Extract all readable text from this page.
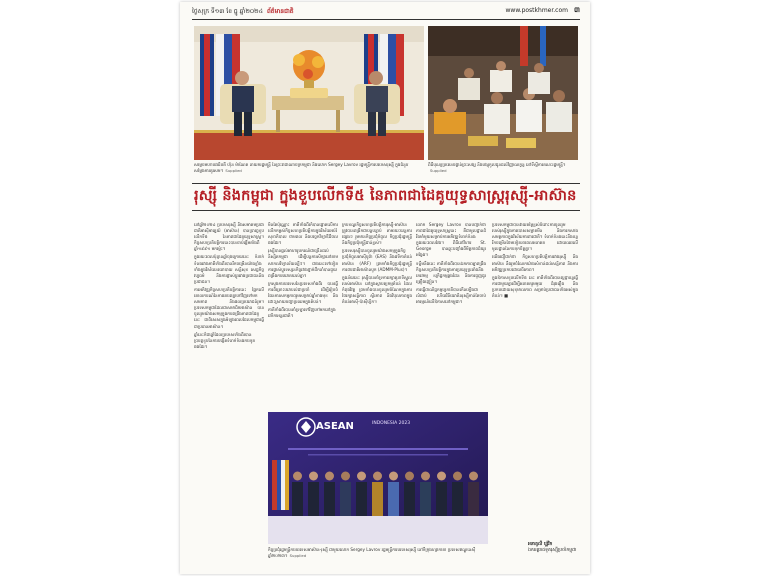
ថ្ងៃសុក្រ ទី១៣ ខែ ធ្នូ ឆ្នាំ២០២៤ ព័ត៌មានជាតិ	www.postkhmer.com ៣
សម្ដេចមហាបវរធិបតី ហ៊ុន ម៉ាណែត នាយករដ្ឋមន្ត្រី នៃព្រះរាជាណាចក្រកម្ពុជា និងលោក Sergey Lavrov រដ្ឋមន្ត្រីការបរទេសរុស្ស៊ី ក្នុងជំនួបសម្ដែងការគួរសម។ Supplied
ពិធីបុណ្យប្រគេនចង្ហាន់ព្រះសង្ឃ និងបង្សុកូលជូនដល់វិញ្ញាណក្ខន្ធ នៅទីស្ដីការគណៈរដ្ឋមន្ត្រី។Supplied
រុស្ស៊ី និងកម្ពុជា ក្នុងខួបលើកទី៥ នៃភាពជាដៃគូយុទ្ធសាស្ត្ររុស្ស៊ី-អាស៊ាន

នៅឆ្នាំ២០២៤ ប្រទេសរុស្ស៊ី និងសមាគមប្រជាជាតិអាស៊ីអាគ្នេយ៍ (អាស៊ាន) បានប្រារព្ធខួបលើកទី៥ នៃភាពជាដៃគូយុទ្ធសាស្ត្រ។ កិច្ចសហប្រតិបត្តិការនេះបានចាប់ផ្ដើមតាំងពីឆ្នាំ១៩៩១ មកម្ល៉េះ។

ក្នុងរយៈពេលប៉ុន្មានឆ្នាំចុងក្រោយនេះ ទំនាក់ទំនងរវាងភាគីទាំងពីរបានរីកចម្រើនយ៉ាងខ្លាំង ទាំងក្នុងវិស័យនយោបាយ សន្តិសុខ សេដ្ឋកិច្ច វប្បធម៌ និងការផ្លាស់ប្ដូររវាងប្រជាជននិងប្រជាជន។

ការអភិវឌ្ឍកិច្ចសហប្រតិបត្តិការនេះ ផ្អែកលើគោលការណ៍នៃការគោរពគ្នាទៅវិញទៅមក សមភាព និងផលប្រយោជន៍រួម។ ប្រទេសកម្ពុជាដែលជាសមាជិកអាស៊ាន បានចូលរួមយ៉ាងសកម្មក្នុងការពង្រឹងភាពជាដៃគូនេះ ជាពិសេសក្នុងអំឡុងពេលដែលកម្ពុជាធ្វើជាប្រធានអាស៊ាន។

ឆ្នាំនេះក៏ជាឆ្នាំដែលប្រទេសទាំងពីរបានប្រារព្ធខួបនៃការបង្កើតទំនាក់ទំនងការទូតផងដែរ។

មិនតែប៉ុណ្ណោះ ភាគីទាំងពីរក៏បានផ្ដោតលើការលើកកម្ពស់កិច្ចសហប្រតិបត្តិការក្នុងវិស័យអប់រំ សុខាភិបាល ថាមពល និងបច្ចេកវិទ្យាឌីជីថលផងដែរ។

រុស្ស៊ីបានផ្ដល់អាហារូបករណ៍ជាច្រើនដល់និស្សិតកម្ពុជា ដើម្បីបន្តការសិក្សានៅតាមសាកលវិទ្យាល័យល្បីៗ។ ជាងនេះទៅទៀត ការផ្លាស់ប្ដូរទស្សនកិច្ចរវាងថ្នាក់ដឹកនាំបានជួយពង្រឹងការយោគយល់គ្នា។

ក្រសួងការបរទេសនៃប្រទេសទាំងពីរ បានធ្វើការពិគ្រោះយោបល់ជាប្រចាំ ដើម្បីរៀបចំផែនការសកម្មភាពរួមសម្រាប់ឆ្នាំខាងមុខ និងដោះស្រាយបញ្ហាប្រឈមក្នុងតំបន់។

ភាគីទាំងពីរបានគាំទ្រគ្នាទៅវិញទៅមកនៅក្នុងវេទិកាអន្តរជាតិ។

ក្របខណ្ឌកិច្ចសហប្រតិបត្តិការរុស្ស៊ី-អាស៊ាន ត្រូវបានពង្រីកជាបន្តបន្ទាប់ តាមរយៈយន្តការផ្សេងៗ រួមមានកិច្ចប្រជុំកំពូល កិច្ចប្រជុំរដ្ឋមន្ត្រី និងកិច្ចប្រជុំមន្ត្រីជាន់ខ្ពស់។

ប្រទេសរុស្ស៊ីបានចូលរួមយ៉ាងសកម្មក្នុងកិច្ចប្រជុំកំពូលអាស៊ីបូព៌ា (EAS) និងវេទិកាតំបន់អាស៊ាន (ARF) ព្រមទាំងកិច្ចប្រជុំរដ្ឋមន្ត្រីការពារជាតិអាស៊ានបូក (ADMM-Plus)។

ក្នុងន័យនេះ រុស្ស៊ីបានគាំទ្រការរក្សាតួនាទីស្នូលរបស់អាស៊ាន នៅក្នុងស្ថាបត្យកម្មតំបន់ ដែលកំពុងវិវត្ត ព្រមទាំងបានចូលរួមចំណែកក្នុងការថែរក្សាសន្តិភាព ស្ថិរភាព និងវិបុលភាពក្នុងតំបន់អាស៊ី-ប៉ាស៊ីហ្វិក។

លោក Sergey Lavrov បានបញ្ជាក់ថា ភាពជាដៃគូយុទ្ធសាស្ត្រនេះ គឺជាមូលដ្ឋានដ៏រឹងមាំមួយសម្រាប់ការអភិវឌ្ឍទំនាក់ទំនងក្នុងរយៈពេលវែង។ ពិធីនៅវិហារ St. George បានឆ្លុះបញ្ចាំងពីមិត្តភាពដ៏យូរអង្វែង។

ទន្ទឹមនឹងនេះ ភាគីទាំងពីរបានឯកភាពគ្នាពង្រឹងកិច្ចសហប្រតិបត្តិការក្នុងការប្រយុទ្ធប្រឆាំងនឹងភេរវកម្ម ឧក្រិដ្ឋកម្មឆ្លងដែន និងការជួញដូរគ្រឿងញៀន។

ការធ្វើពាណិជ្ជកម្មទ្វេភាគីបានកើនឡើងជាលំដាប់ ហើយវិនិយោគិនរុស្ស៊ីកាន់តែចាប់អារម្មណ៍លើឱកាសនៅកម្ពុជា។

ប្រទេសកម្ពុជាបានវាយតម្លៃខ្ពស់ចំពោះការចូលរួមរបស់រុស្ស៊ីក្នុងការបោសសម្អាតមីន និងការកសាងសមត្ថភាពក្នុងវិស័យការពារជាតិ។ ទំនាក់ទំនងនេះនឹងបន្តរីកចម្រើនថែមទៀតនាពេលអនាគត ដោយឈរលើមូលដ្ឋាននៃការទុកចិត្តគ្នា។

យើងជឿជាក់ថា កិច្ចសហប្រតិបត្តិការរវាងរុស្ស៊ី និងអាស៊ាន នឹងរួមចំណែកយ៉ាងសំខាន់ដល់សន្តិភាព និងការអភិវឌ្ឍប្រកបដោយចីរភាព។

ក្នុងឱកាសខួបលើកទី៥ នេះ ភាគីទាំងពីរបានប្ដេជ្ញាបន្តធ្វើការជាមួយគ្នាដើម្បីអនាគតរួមមួយ ដ៏រុងរឿង និងប្រកបដោយសុខុមាលភាព សម្រាប់ប្រជាជនទាំងអស់ក្នុងតំបន់។ ■

ASEAN	INDONESIA 2023
កិច្ចប្រជុំរដ្ឋមន្ត្រីការបរទេសអាស៊ាន-រុស្ស៊ី ជាមួយលោក Sergey Lavrov រដ្ឋមន្ត្រីការបរទេសរុស្ស៊ី នៅទីក្រុងហ្សាកាតា ប្រទេសឥណ្ឌូនេស៊ី ឆ្នាំ២០២៣។ Supplied
អនាតូលី បូរ៉ូវិក
ឯកអគ្គរាជទូតរុស្ស៊ីប្រចាំកម្ពុជា
